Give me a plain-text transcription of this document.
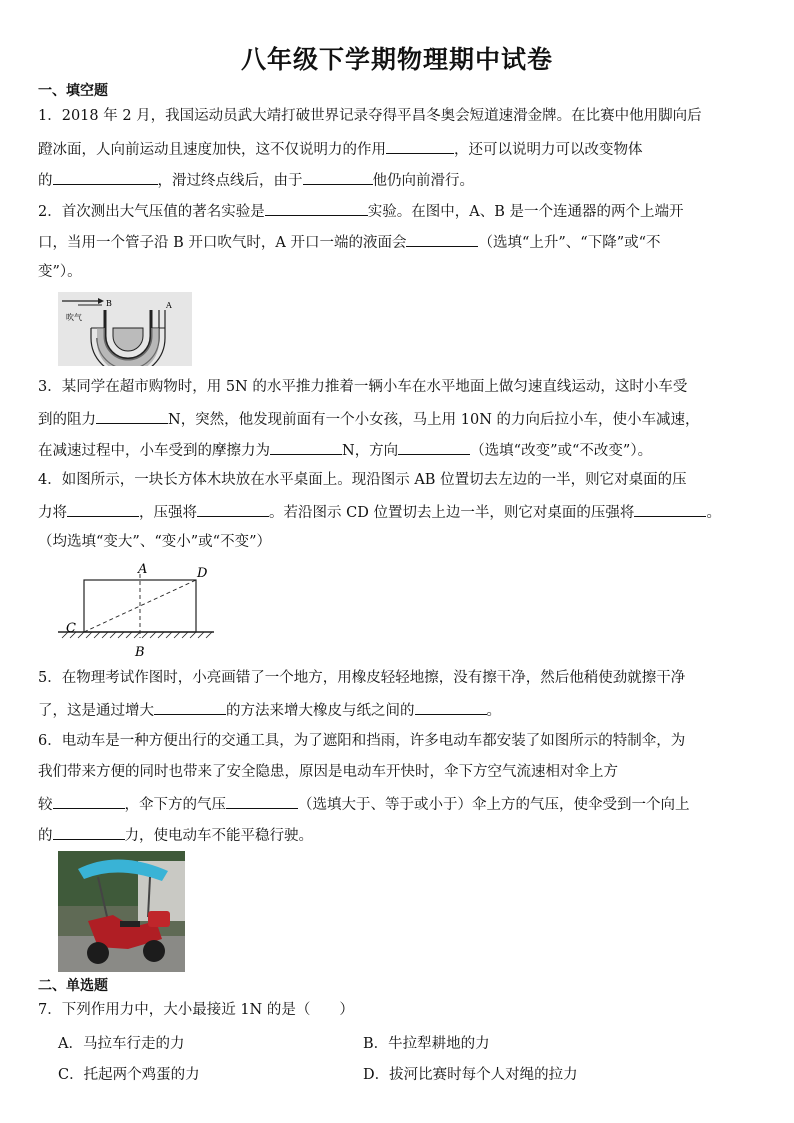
八年级下学期物理期中试卷
一、填空题
1．2018 年 2 月，我国运动员武大靖打破世界记录夺得平昌冬奥会短道速滑金牌。在比赛中他用脚向后
蹬冰面，人向前运动且速度加快，这不仅说明力的作用	，还可以说明力可以改变物体
的	，滑过终点线后，由于	他仍向前滑行。
2．首次测出大气压值的著名实验是	实验。在图中，A、B 是一个连通器的两个上端开
口，当用一个管子沿 B 开口吹气时，A 开口一端的液面会	（选填“上升”、“下降”或“不
变”）。
吹气
B	A
3．某同学在超市购物时，用 5N 的水平推力推着一辆小车在水平地面上做匀速直线运动，这时小车受
到的阻力	N，突然，他发现前面有一个小女孩，马上用 10N 的力向后拉小车，使小车减速，
在减速过程中，小车受到的摩擦力为	N，方向	（选填“改变”或“不改变”）。
4．如图所示，一块长方体木块放在水平桌面上。现沿图示 AB 位置切去左边的一半，则它对桌面的压
力将	，压强将	。若沿图示 CD 位置切去上边一半，则它对桌面的压强将	。
（均选填“变大”、“变小”或“不变”）
A
B
C
D
5．在物理考试作图时，小亮画错了一个地方，用橡皮轻轻地擦，没有擦干净，然后他稍使劲就擦干净
了，这是通过增大	的方法来增大橡皮与纸之间的	。
6．电动车是一种方便出行的交通工具，为了遮阳和挡雨，许多电动车都安装了如图所示的特制伞，为
我们带来方便的同时也带来了安全隐患，原因是电动车开快时，伞下方空气流速相对伞上方
较	，伞下方的气压	（选填大于、等于或小于）伞上方的气压，使伞受到一个向上
的	力，使电动车不能平稳行驶。
二、单选题
7．下列作用力中，大小最接近 1N 的是（　　）
A．马拉车行走的力	B．牛拉犁耕地的力
C．托起两个鸡蛋的力	D．拔河比赛时每个人对绳的拉力
